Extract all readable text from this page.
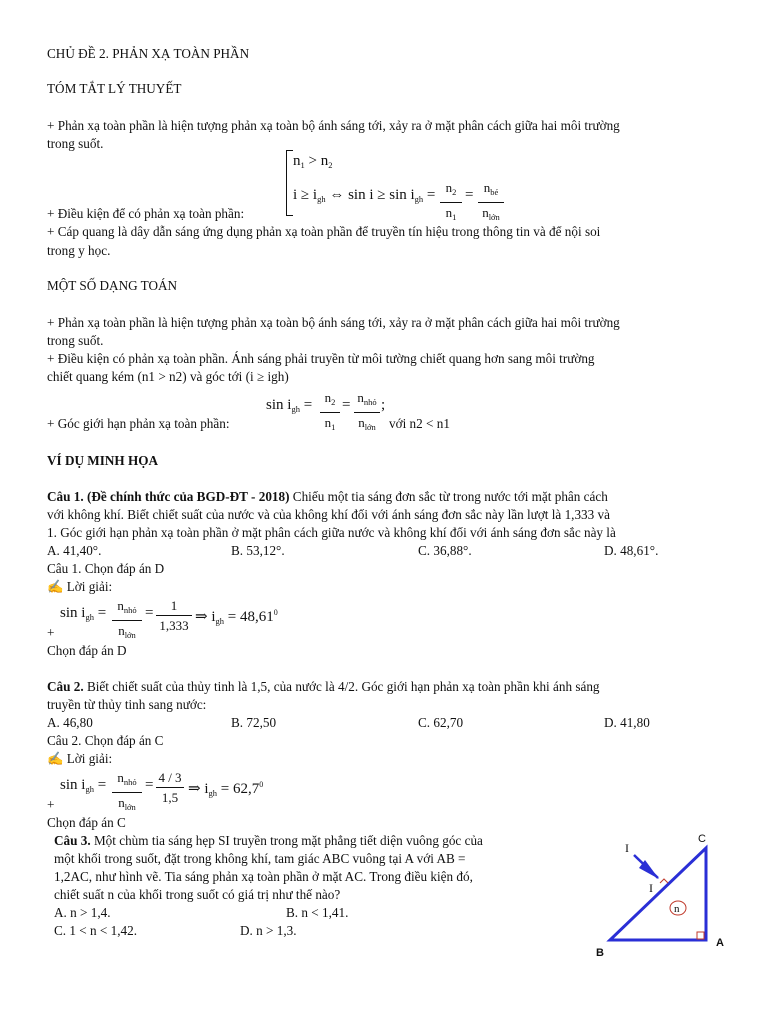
CHỦ ĐỀ 2. PHẢN XẠ TOÀN PHẦN
TÓM TẮT LÝ THUYẾT
+ Phản xạ toàn phần là hiện tượng phản xạ toàn bộ ánh sáng tới, xảy ra ở mặt phân cách giữa hai môi trường
trong suốt.
$n_1 > n_2$
$i \ge i_{gh}$ ⇔ $\sin i \ge \sin i_{gh} = n_2$
$n_1$
= $n_{bé}$
$n_{lớn}$
+ Điều kiện để có phản xạ toàn phần:
+ Cáp quang là dây dẫn sáng ứng dụng phản xạ toàn phần để truyền tín hiệu trong thông tin và để nội soi
trong y học.
MỘT SỐ DẠNG TOÁN
+ Phản xạ toàn phần là hiện tượng phản xạ toàn bộ ánh sáng tới, xảy ra ở mặt phân cách giữa hai môi trường
trong suốt.
+ Điều kiện có phản xạ toàn phần. Ánh sáng phải truyền từ môi tường chiết quang hơn sang môi trường
chiết quang kém (n1 > n2) và góc tới (i ≥ igh)
$\sin i_{gh} = n_2$
$n_1$
= $n_{nhỏ}$
$n_{lớn}$
;
+ Góc giới hạn phản xạ toàn phần:	với n2 < n1
VÍ DỤ MINH HỌA
Câu 1. (Đề chính thức của BGD-ĐT - 2018) Chiếu một tia sáng đơn sắc từ trong nước tới mặt phân cách
với không khí. Biết chiết suất của nước và của không khí đối với ánh sáng đơn sắc này lần lượt là 1,333 và
1. Góc giới hạn phản xạ toàn phần ở mặt phân cách giữa nước và không khí đối với ánh sáng đơn sắc này là
A. 41,40°.	B. 53,12°.	C. 36,88°.	D. 48,61°.
Câu 1. Chọn đáp án D
✍ Lời giải:
$\sin i_{gh} = n_{nhỏ}$
$n_{lớn}$
=	1
1,333
⇒ $i_{gh} = 48,61^0$
+
Chọn đáp án D
Câu 2. Biết chiết suất của thủy tinh là 1,5, của nước là 4/2. Góc giới hạn phản xạ toàn phần khi ánh sáng
truyền từ thủy tinh sang nước:
A. 46,80	B. 72,50	C. 62,70	D. 41,80
Câu 2. Chọn đáp án C
✍ Lời giải:
$\sin i_{gh} = n_{nhỏ}$
$n_{lớn}$
= 4 / 3
1,5
⇒ $i_{gh} = 62,7^0$
+
Chọn đáp án C
Câu 3. Một chùm tia sáng hẹp SI truyền trong mặt phẳng tiết diện vuông góc của
một khối trong suốt, đặt trong không khí, tam giác ABC vuông tại A với AB =
1,2AC, như hình vẽ. Tia sáng phản xạ toàn phần ở mặt AC. Trong điều kiện đó,
chiết suất n của khối trong suốt có giá trị như thế nào?
A. n > 1,4.	B. n < 1,41.
C. 1 < n < 1,42.	D. n > 1,3.
n
I
I
C
B
A
